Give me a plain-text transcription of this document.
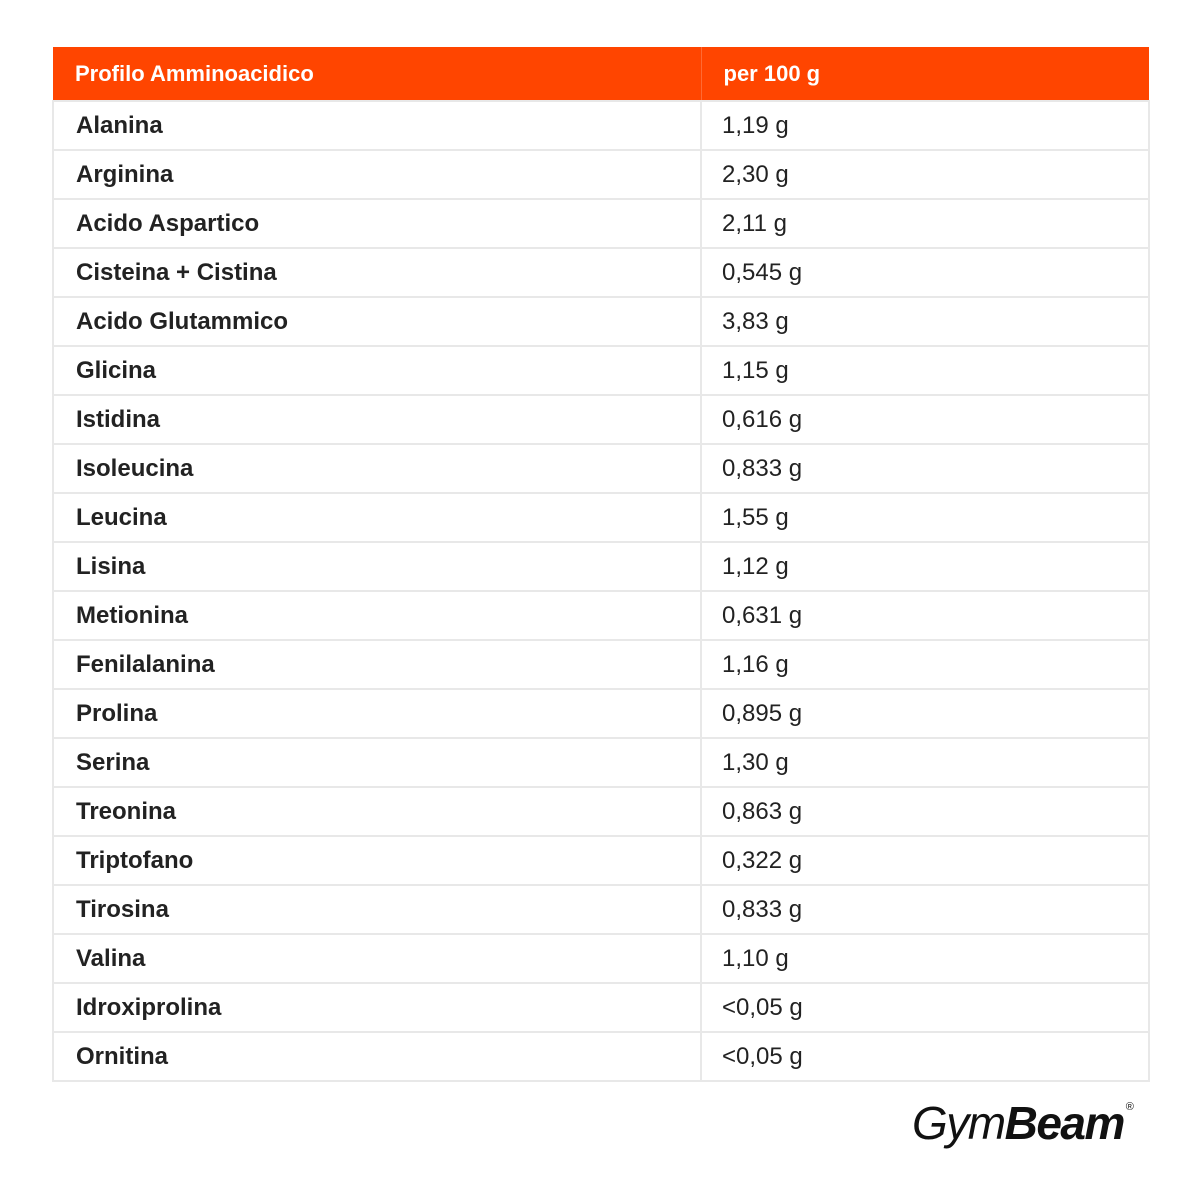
Profilo Amminoacidico	per 100 g
Alanina	1,19 g
Arginina	2,30 g
Acido Aspartico	2,11 g
Cisteina + Cistina	0,545 g
Acido Glutammico	3,83 g
Glicina	1,15 g
Istidina	0,616 g
Isoleucina	0,833 g
Leucina	1,55 g
Lisina	1,12 g
Metionina	0,631 g
Fenilalanina	1,16 g
Prolina	0,895 g
Serina	1,30 g
Treonina	0,863 g
Triptofano	0,322 g
Tirosina	0,833 g
Valina	1,10 g
Idroxiprolina	<0,05 g
Ornitina	<0,05 g
GymBeam ®
